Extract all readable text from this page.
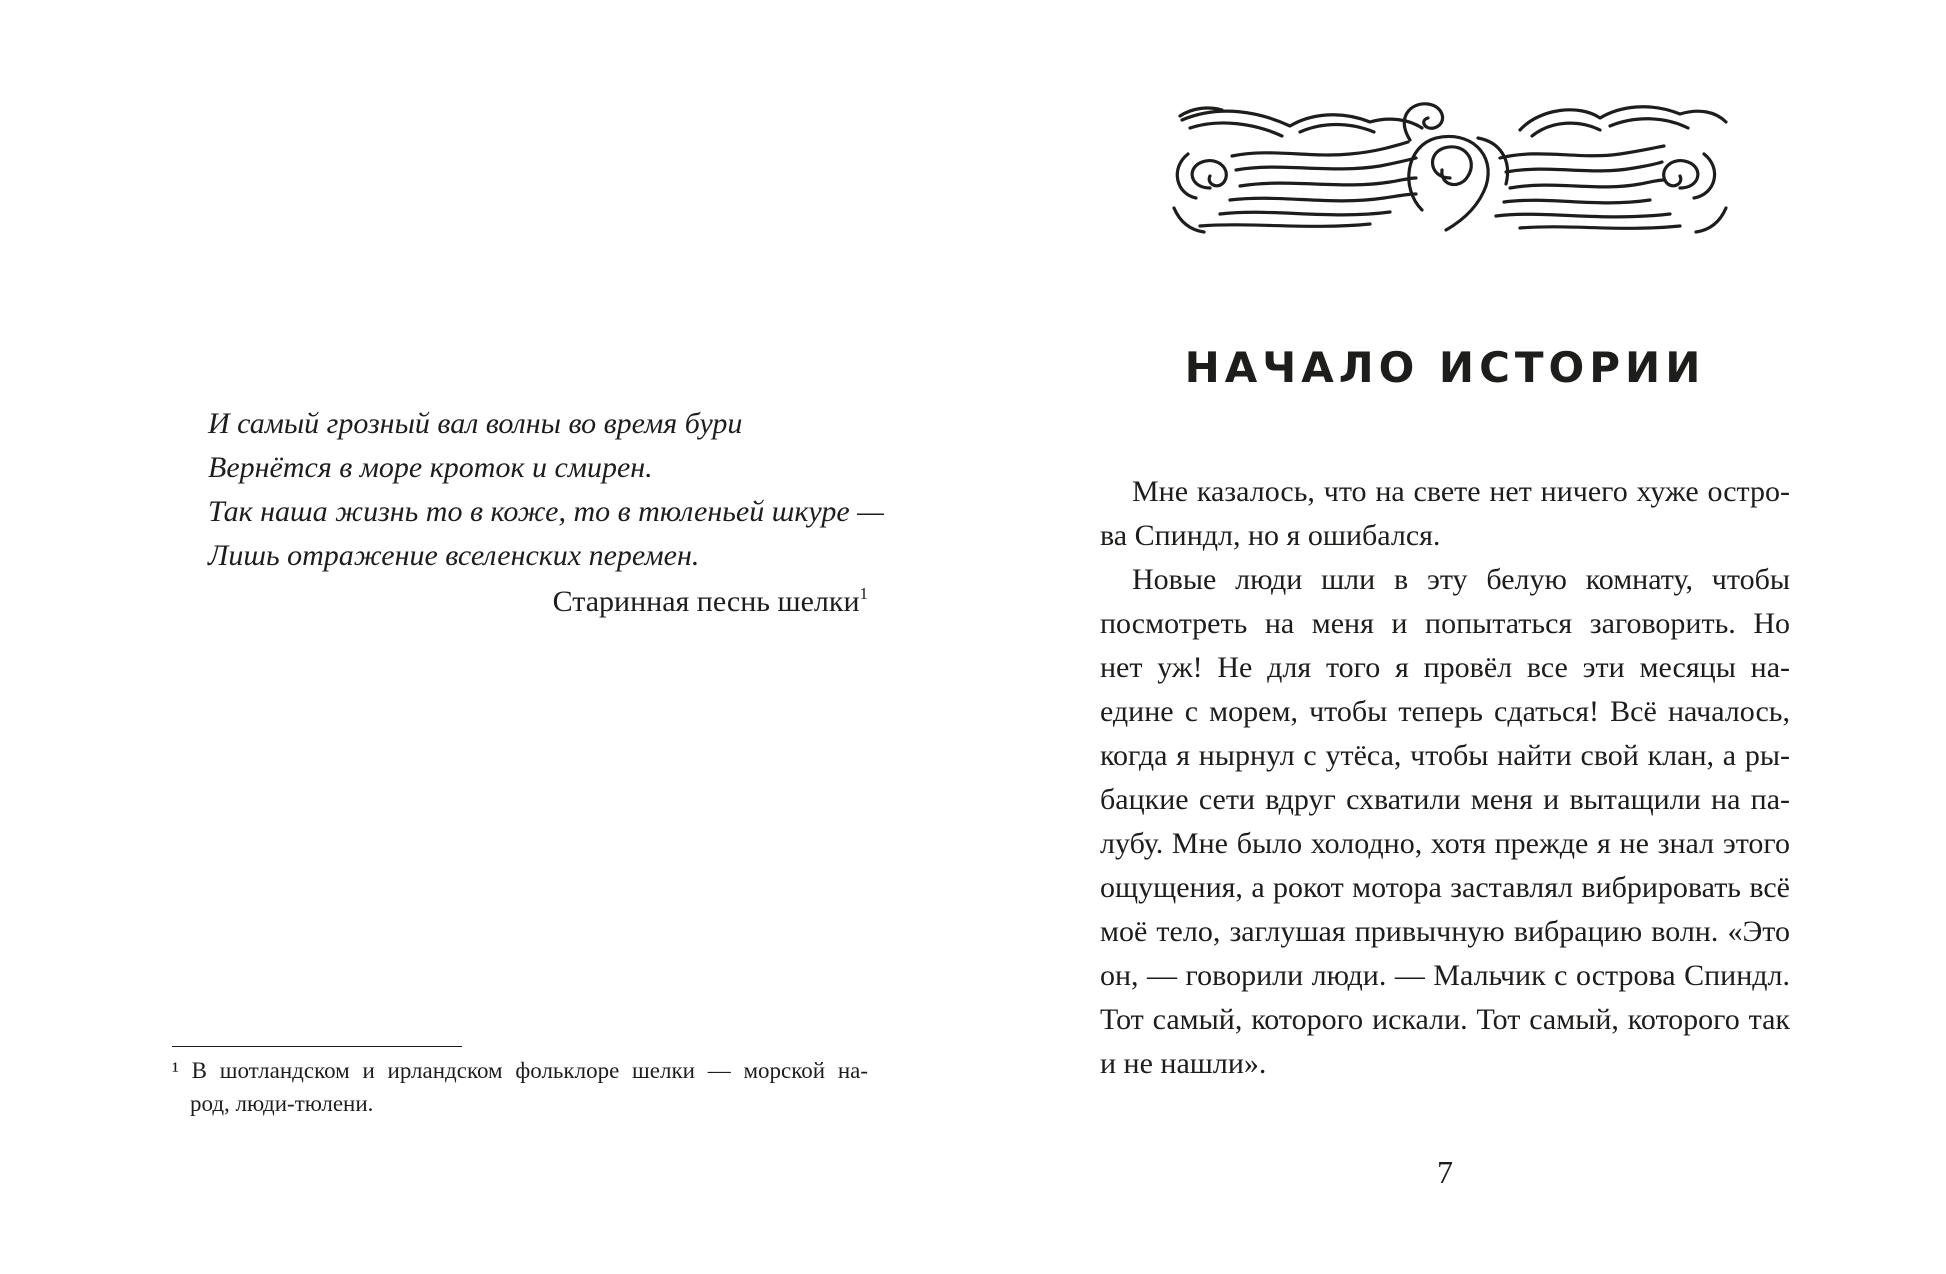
И самый грозный вал волны во время бури
Вернётся в море кроток и смирен.
Так наша жизнь то в коже, то в тюленьей шкуре —
Лишь отражение вселенских перемен.
Старинная песнь шелки$^1$
¹ В шотландском и ирландском фольклоре шелки — морской на-
род, люди-тюлени.
НАЧАЛО ИСТОРИИ
Мне казалось, что на свете нет ничего хуже остро-
ва Спиндл, но я ошибался.
Новые люди шли в эту белую комнату, чтобы
посмотреть на меня и попытаться заговорить. Но
нет уж! Не для того я провёл все эти месяцы на-
едине с морем, чтобы теперь сдаться! Всё началось,
когда я нырнул с утёса, чтобы найти свой клан, а ры-
бацкие сети вдруг схватили меня и вытащили на па-
лубу. Мне было холодно, хотя прежде я не знал этого
ощущения, а рокот мотора заставлял вибрировать всё
моё тело, заглушая привычную вибрацию волн. «Это
он, — говорили люди. — Мальчик с острова Спиндл.
Тот самый, которого искали. Тот самый, которого так
и не нашли».
7
